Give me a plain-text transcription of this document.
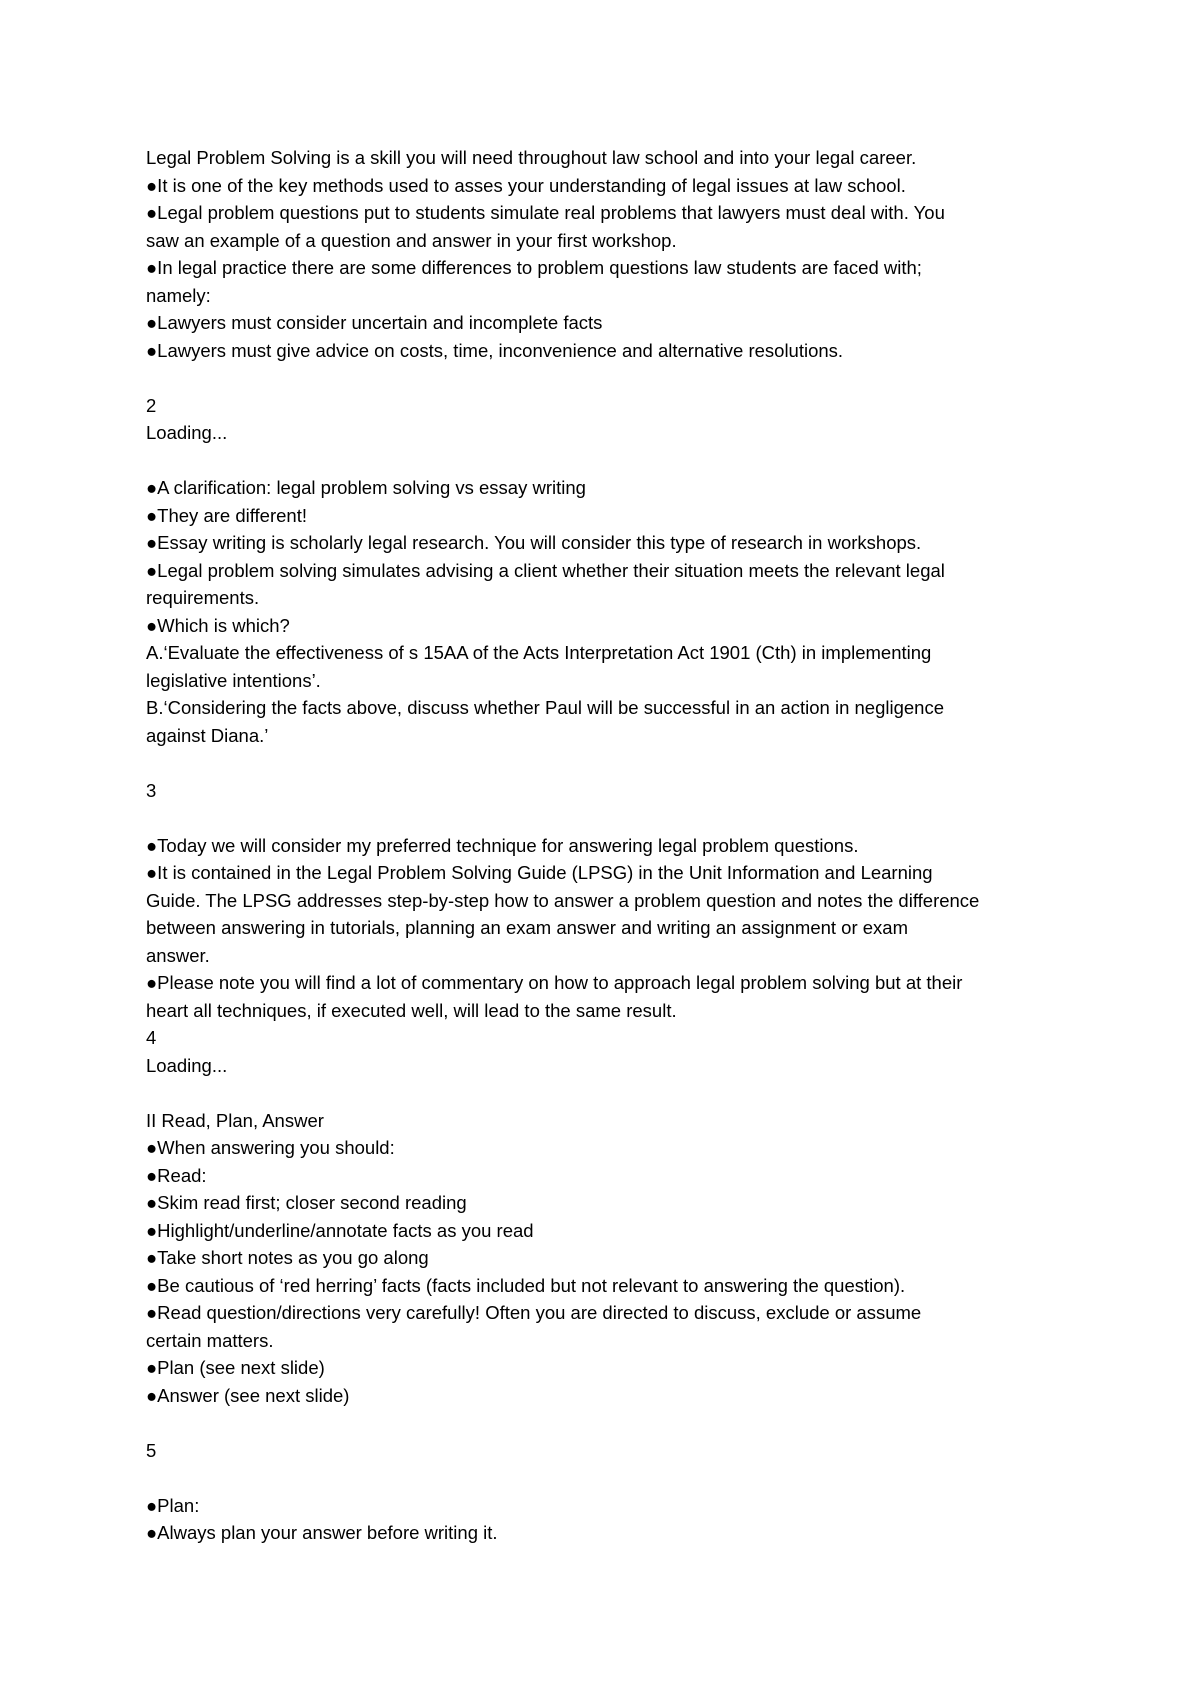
Legal Problem Solving is a skill you will need throughout law school and into your legal career.
●It is one of the key methods used to asses your understanding of legal issues at law school.
●Legal problem questions put to students simulate real problems that lawyers must deal with. You
saw an example of a question and answer in your first workshop.
●In legal practice there are some differences to problem questions law students are faced with;
namely:
●Lawyers must consider uncertain and incomplete facts
●Lawyers must give advice on costs, time, inconvenience and alternative resolutions.
2
Loading...
●A clarification: legal problem solving vs essay writing
●They are different!
●Essay writing is scholarly legal research. You will consider this type of research in workshops.
●Legal problem solving simulates advising a client whether their situation meets the relevant legal
requirements.
●Which is which?
A.‘Evaluate the effectiveness of s 15AA of the Acts Interpretation Act 1901 (Cth) in implementing
legislative intentions’.
B.‘Considering the facts above, discuss whether Paul will be successful in an action in negligence
against Diana.’
3
●Today we will consider my preferred technique for answering legal problem questions.
●It is contained in the Legal Problem Solving Guide (LPSG) in the Unit Information and Learning
Guide. The LPSG addresses step-by-step how to answer a problem question and notes the difference
between answering in tutorials, planning an exam answer and writing an assignment or exam
answer.
●Please note you will find a lot of commentary on how to approach legal problem solving but at their
heart all techniques, if executed well, will lead to the same result.
4
Loading...
II Read, Plan, Answer
●When answering you should:
●Read:
●Skim read first; closer second reading
●Highlight/underline/annotate facts as you read
●Take short notes as you go along
●Be cautious of ‘red herring’ facts (facts included but not relevant to answering the question).
●Read question/directions very carefully! Often you are directed to discuss, exclude or assume
certain matters.
●Plan (see next slide)
●Answer (see next slide)
5
●Plan:
●Always plan your answer before writing it.
